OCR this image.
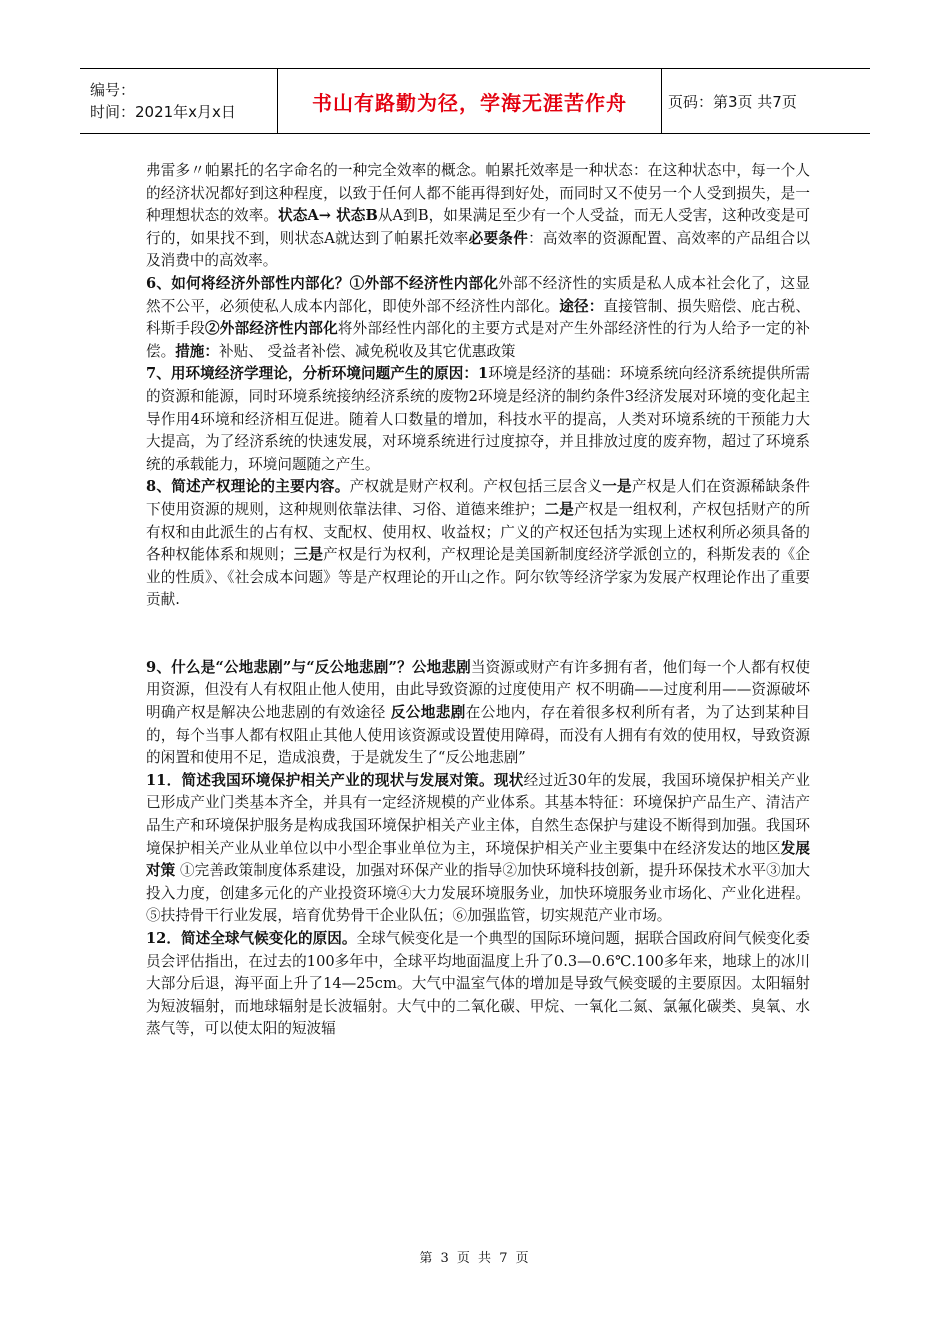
编号：
时间：2021年x月x日	书山有路勤为径，学海无涯苦作舟	页码：第3页 共7页

弗雷多〃帕累托的名字命名的一种完全效率的概念。帕累托效率是一种状态：在这种状态中，每一个人的经济状况都好到这种程度，以致于任何人都不能再得到好处，而同时又不使另一个人受到损失，是一种理想状态的效率。状态A→ 状态B从A到B，如果满足至少有一个人受益，而无人受害，这种改变是可行的，如果找不到，则状态A就达到了帕累托效率必要条件：高效率的资源配置、高效率的产品组合以及消费中的高效率。

6、如何将经济外部性内部化？①外部不经济性内部化外部不经济性的实质是私人成本社会化了，这显然不公平，必须使私人成本内部化，即使外部不经济性内部化。途径：直接管制、损失赔偿、庇古税、科斯手段②外部经济性内部化将外部经性内部化的主要方式是对产生外部经济性的行为人给予一定的补偿。措施：补贴、 受益者补偿、减免税收及其它优惠政策

7、用环境经济学理论，分析环境问题产生的原因：1环境是经济的基础：环境系统向经济系统提供所需的资源和能源，同时环境系统接纳经济系统的废物2环境是经济的制约条件3经济发展对环境的变化起主导作用4环境和经济相互促进。随着人口数量的增加，科技水平的提高，人类对环境系统的干预能力大大提高，为了经济系统的快速发展，对环境系统进行过度掠夺，并且排放过度的废弃物，超过了环境系统的承载能力，环境问题随之产生。

8、简述产权理论的主要内容。产权就是财产权利。产权包括三层含义一是产权是人们在资源稀缺条件下使用资源的规则，这种规则依靠法律、习俗、道德来维护；二是产权是一组权利，产权包括财产的所有权和由此派生的占有权、支配权、使用权、收益权；广义的产权还包括为实现上述权利所必须具备的各种权能体系和规则；三是产权是行为权利，产权理论是美国新制度经济学派创立的，科斯发表的《企业的性质》、《社会成本问题》等是产权理论的开山之作。阿尔钦等经济学家为发展产权理论作出了重要贡献.

9、什么是“公地悲剧”与“反公地悲剧”？公地悲剧当资源或财产有许多拥有者，他们每一个人都有权使用资源，但没有人有权阻止他人使用，由此导致资源的过度使用产 权不明确——过度利用——资源破坏 明确产权是解决公地悲剧的有效途径 反公地悲剧在公地内，存在着很多权利所有者，为了达到某种目的，每个当事人都有权阻止其他人使用该资源或设置使用障碍，而没有人拥有有效的使用权，导致资源的闲置和使用不足，造成浪费，于是就发生了“反公地悲剧”

11．简述我国环境保护相关产业的现状与发展对策。现状经过近30年的发展，我国环境保护相关产业已形成产业门类基本齐全，并具有一定经济规模的产业体系。其基本特征：环境保护产品生产、清洁产品生产和环境保护服务是构成我国环境保护相关产业主体，自然生态保护与建设不断得到加强。我国环境保护相关产业从业单位以中小型企事业单位为主，环境保护相关产业主要集中在经济发达的地区发展对策 ①完善政策制度体系建设，加强对环保产业的指导②加快环境科技创新，提升环保技术水平③加大投入力度，创建多元化的产业投资环境④大力发展环境服务业，加快环境服务业市场化、产业化进程。⑤扶持骨干行业发展，培育优势骨干企业队伍；⑥加强监管，切实规范产业市场。

12．简述全球气候变化的原因。全球气候变化是一个典型的国际环境问题，据联合国政府间气候变化委员会评估指出，在过去的100多年中，全球平均地面温度上升了0.3—0.6℃.100多年来，地球上的冰川大部分后退，海平面上升了14—25cm。大气中温室气体的增加是导致气候变暖的主要原因。太阳辐射为短波辐射，而地球辐射是长波辐射。大气中的二氧化碳、甲烷、一氧化二氮、氯氟化碳类、臭氧、水蒸气等，可以使太阳的短波辐

第 3 页 共 7 页
